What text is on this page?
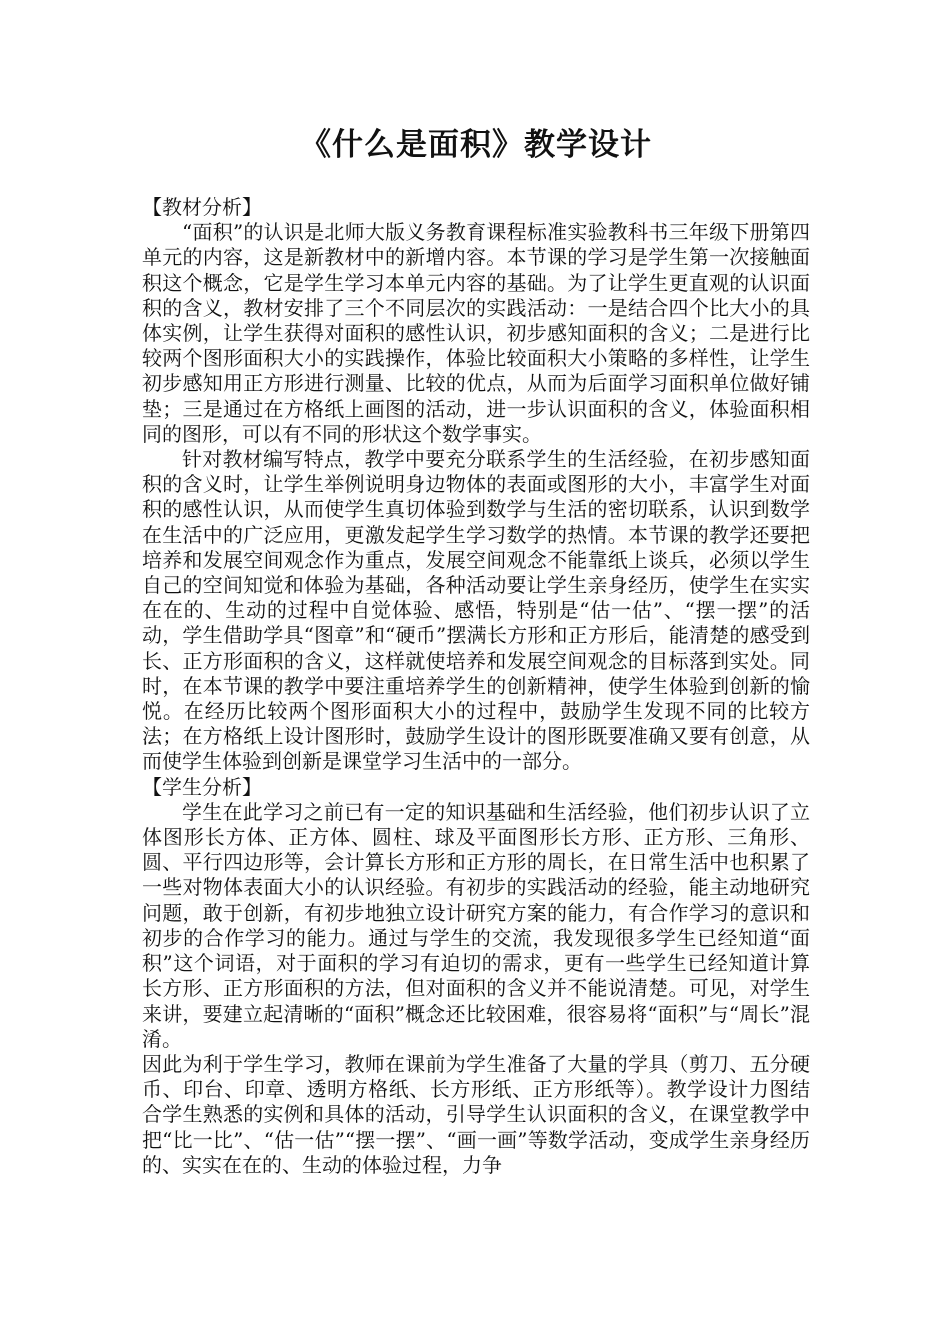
《什么是面积》教学设计
【教材分析】

“面积”的认识是北师大版义务教育课程标准实验教科书三年级下册第四单元的内容，这是新教材中的新增内容。本节课的学习是学生第一次接触面积这个概念，它是学生学习本单元内容的基础。为了让学生更直观的认识面积的含义，教材安排了三个不同层次的实践活动：一是结合四个比大小的具体实例，让学生获得对面积的感性认识，初步感知面积的含义；二是进行比较两个图形面积大小的实践操作，体验比较面积大小策略的多样性，让学生初步感知用正方形进行测量、比较的优点，从而为后面学习面积单位做好铺垫；三是通过在方格纸上画图的活动，进一步认识面积的含义，体验面积相同的图形，可以有不同的形状这个数学事实。

针对教材编写特点，教学中要充分联系学生的生活经验，在初步感知面积的含义时，让学生举例说明身边物体的表面或图形的大小，丰富学生对面积的感性认识，从而使学生真切体验到数学与生活的密切联系，认识到数学在生活中的广泛应用，更激发起学生学习数学的热情。本节课的教学还要把培养和发展空间观念作为重点，发展空间观念不能靠纸上谈兵，必须以学生自己的空间知觉和体验为基础，各种活动要让学生亲身经历，使学生在实实在在的、生动的过程中自觉体验、感悟，特别是“估一估”、“摆一摆”的活动，学生借助学具“图章”和“硬币”摆满长方形和正方形后，能清楚的感受到长、正方形面积的含义，这样就使培养和发展空间观念的目标落到实处。同时，在本节课的教学中要注重培养学生的创新精神，使学生体验到创新的愉悦。在经历比较两个图形面积大小的过程中，鼓励学生发现不同的比较方法；在方格纸上设计图形时，鼓励学生设计的图形既要准确又要有创意，从而使学生体验到创新是课堂学习生活中的一部分。

【学生分析】

学生在此学习之前已有一定的知识基础和生活经验，他们初步认识了立体图形长方体、正方体、圆柱、球及平面图形长方形、正方形、三角形、圆、平行四边形等，会计算长方形和正方形的周长，在日常生活中也积累了一些对物体表面大小的认识经验。有初步的实践活动的经验，能主动地研究问题，敢于创新，有初步地独立设计研究方案的能力，有合作学习的意识和初步的合作学习的能力。通过与学生的交流，我发现很多学生已经知道“面积”这个词语，对于面积的学习有迫切的需求，更有一些学生已经知道计算长方形、正方形面积的方法，但对面积的含义并不能说清楚。可见，对学生来讲，要建立起清晰的“面积”概念还比较困难，很容易将“面积”与“周长”混淆。

因此为利于学生学习，教师在课前为学生准备了大量的学具（剪刀、五分硬币、印台、印章、透明方格纸、长方形纸、正方形纸等）。教学设计力图结合学生熟悉的实例和具体的活动，引导学生认识面积的含义，在课堂教学中把“比一比”、“估一估”“摆一摆”、“画一画”等数学活动，变成学生亲身经历的、实实在在的、生动的体验过程，力争
